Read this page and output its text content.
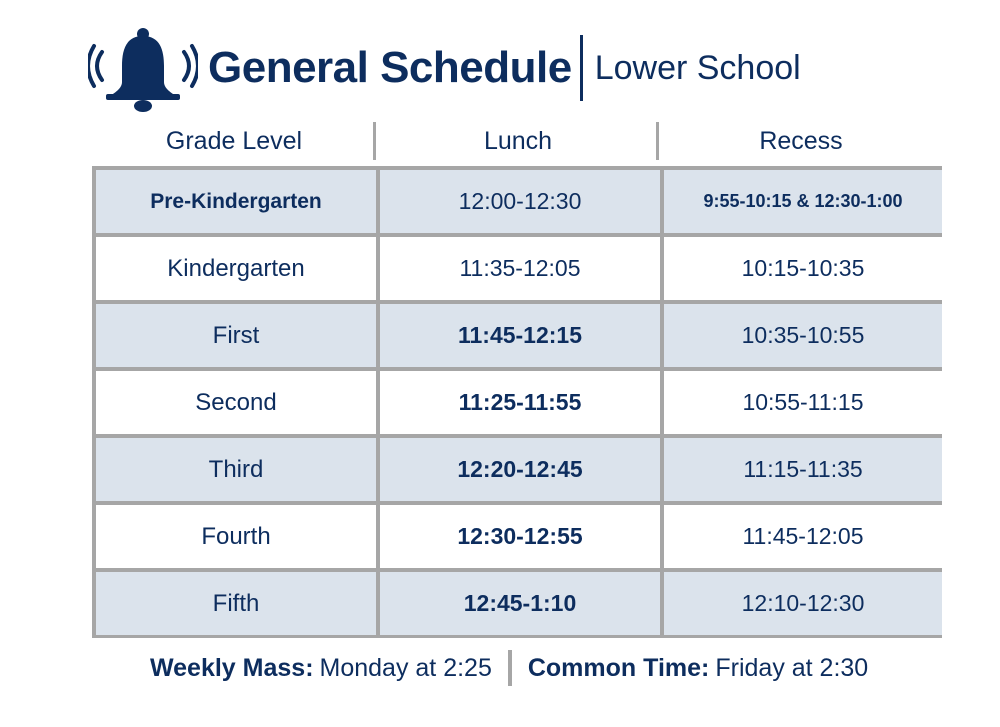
General Schedule Lower School
Grade Level	Lunch	Recess
Pre-Kindergarten	12:00-12:30	9:55-10:15 & 12:30-1:00
Kindergarten	11:35-12:05	10:15-10:35
First	11:45-12:15	10:35-10:55
Second	11:25-11:55	10:55-11:15
Third	12:20-12:45	11:15-11:35
Fourth	12:30-12:55	11:45-12:05
Fifth	12:45-1:10	12:10-12:30
Weekly Mass: Monday at 2:25 Common Time: Friday at 2:30
